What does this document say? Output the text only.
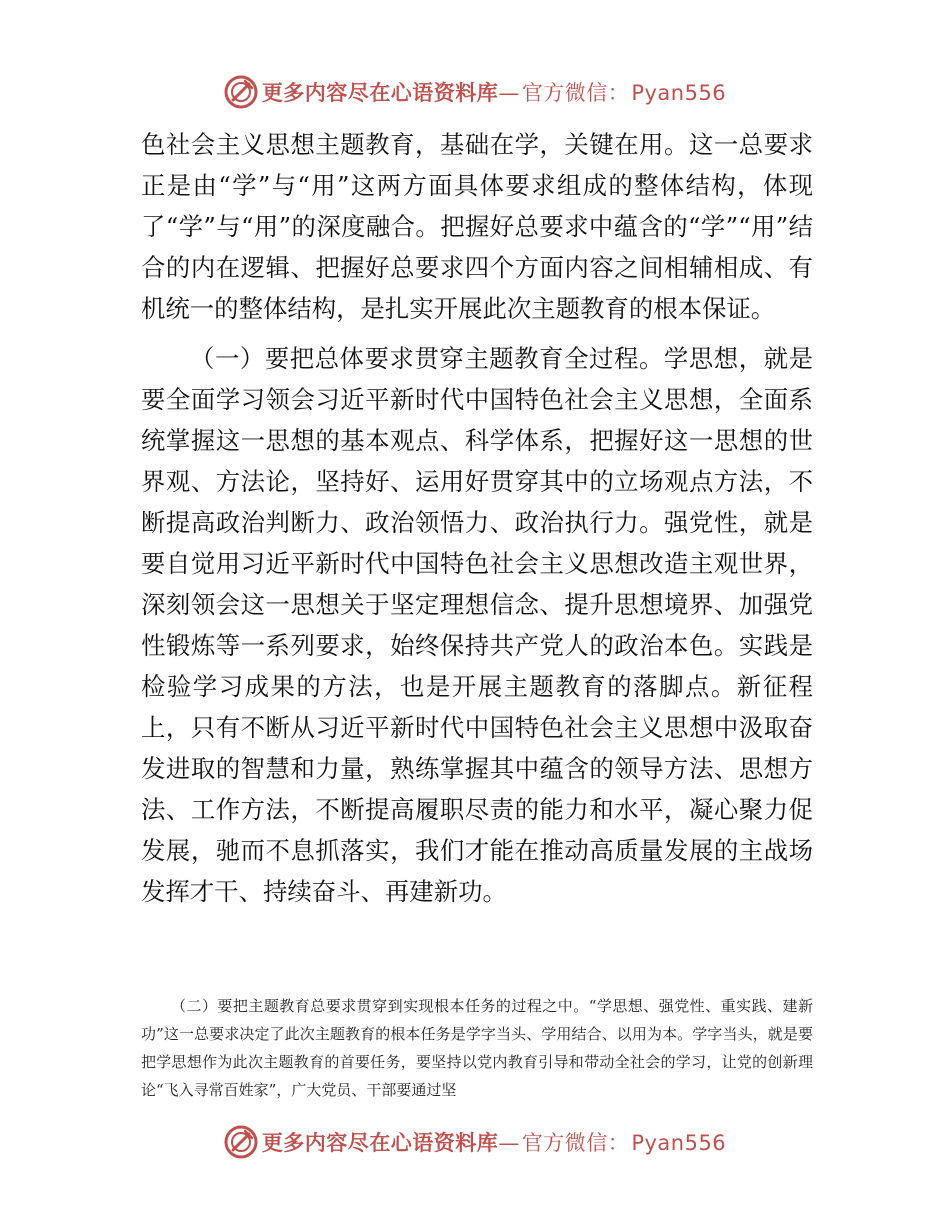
更多内容尽在心语资料库—官方微信：Pyan556

色社会主义思想主题教育，基础在学，关键在用。这一总要求正是由“学”与“用”这两方面具体要求组成的整体结构，体现了“学”与“用”的深度融合。把握好总要求中蕴含的“学”“用”结合的内在逻辑、把握好总要求四个方面内容之间相辅相成、有机统一的整体结构，是扎实开展此次主题教育的根本保证。

（一）要把总体要求贯穿主题教育全过程。学思想，就是要全面学习领会习近平新时代中国特色社会主义思想，全面系统掌握这一思想的基本观点、科学体系，把握好这一思想的世界观、方法论，坚持好、运用好贯穿其中的立场观点方法，不断提高政治判断力、政治领悟力、政治执行力。强党性，就是要自觉用习近平新时代中国特色社会主义思想改造主观世界，深刻领会这一思想关于坚定理想信念、提升思想境界、加强党性锻炼等一系列要求，始终保持共产党人的政治本色。实践是检验学习成果的方法，也是开展主题教育的落脚点。新征程上，只有不断从习近平新时代中国特色社会主义思想中汲取奋发进取的智慧和力量，熟练掌握其中蕴含的领导方法、思想方法、工作方法，不断提高履职尽责的能力和水平，凝心聚力促发展，驰而不息抓落实，我们才能在推动高质量发展的主战场发挥才干、持续奋斗、再建新功。

（二）要把主题教育总要求贯穿到实现根本任务的过程之中。“学思想、强党性、重实践、建新功”这一总要求决定了此次主题教育的根本任务是学字当头、学用结合、以用为本。学字当头，就是要把学思想作为此次主题教育的首要任务，要坚持以党内教育引导和带动全社会的学习，让党的创新理论“飞入寻常百姓家”，广大党员、干部要通过坚

更多内容尽在心语资料库—官方微信：Pyan556
